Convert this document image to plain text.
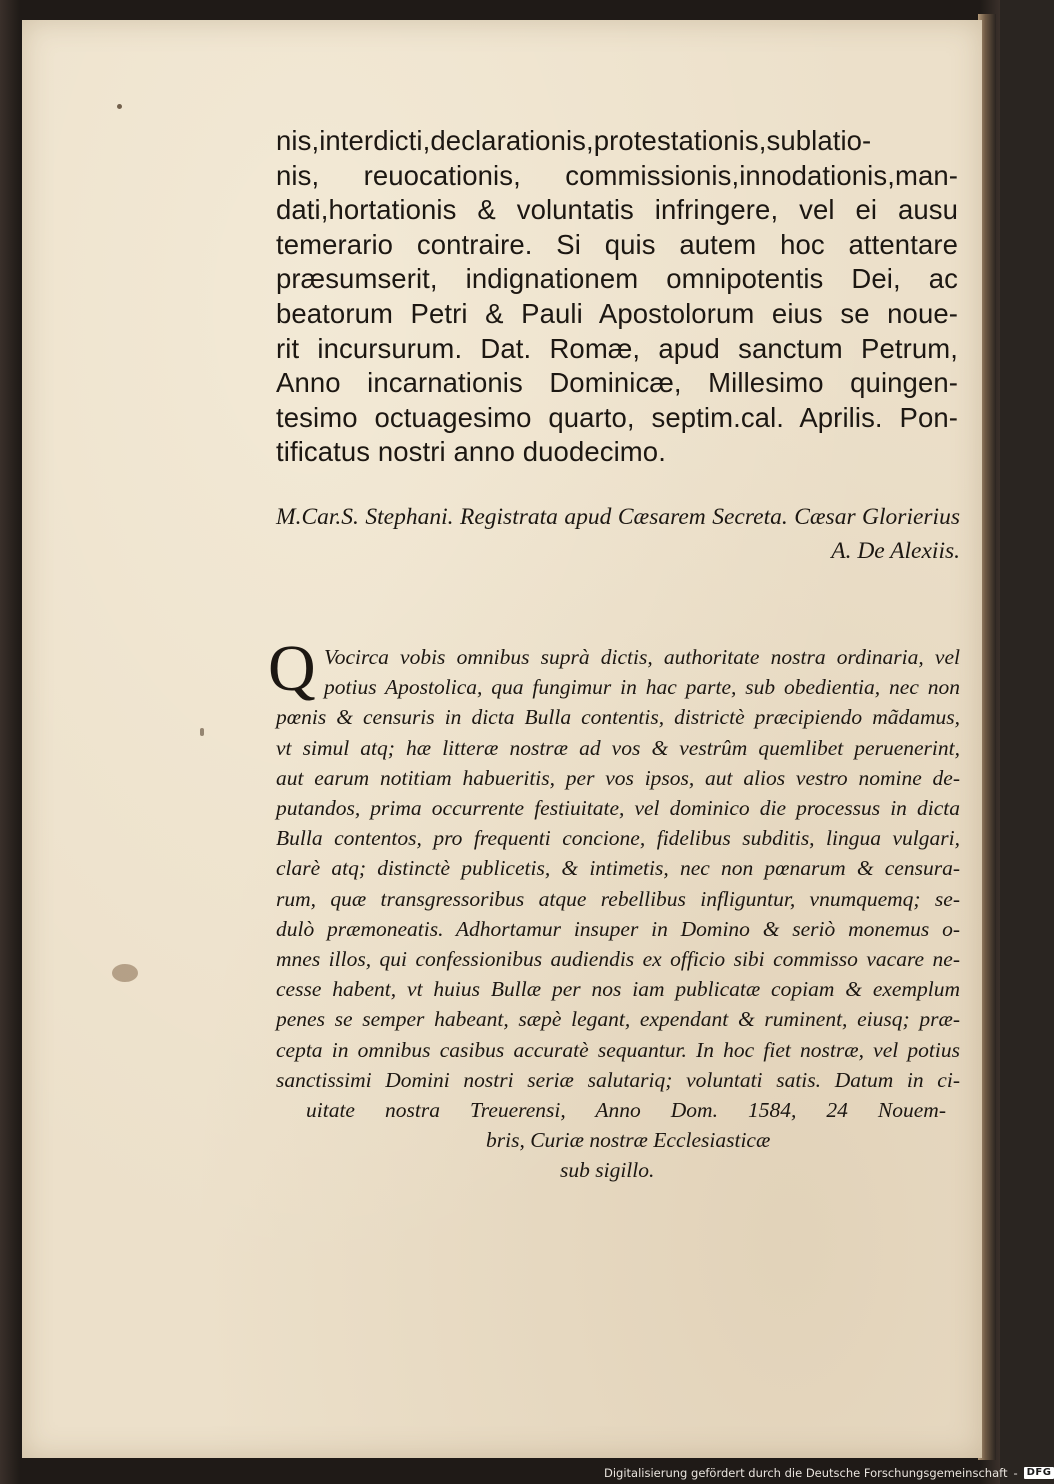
nis,interdicti,declarationis,protestationis,sublatio-
nis, reuocationis, commissionis,innodationis,man-
dati,hortationis & voluntatis infringere, vel ei ausu
temerario contraire. Si quis autem hoc attentare
præsumserit, indignationem omnipotentis Dei, ac
beatorum Petri & Pauli Apostolorum eius se noue-
rit incursurum. Dat. Romæ, apud sanctum Petrum,
Anno incarnationis Dominicæ, Millesimo quingen-
tesimo octuagesimo quarto, septim.cal. Aprilis. Pon-
tificatus nostri anno duodecimo.
M.Car.S. Stephani. Registrata apud Cæsarem Secreta. Cæsar Glorierius
A. De Alexiis.
Q Vocirca vobis omnibus suprà dictis, authoritate nostra ordinaria, vel
potius Apostolica, qua fungimur in hac parte, sub obedientia, nec non
pœnis & censuris in dicta Bulla contentis, districtè præcipiendo mãdamus,
vt simul atq; hæ litteræ nostræ ad vos & vestrûm quemlibet peruenerint,
aut earum notitiam habueritis, per vos ipsos, aut alios vestro nomine de-
putandos, prima occurrente festiuitate, vel dominico die processus in dicta
Bulla contentos, pro frequenti concione, fidelibus subditis, lingua vulgari,
clarè atq; distinctè publicetis, & intimetis, nec non pœnarum & censura-
rum, quæ transgressoribus atque rebellibus infliguntur, vnumquemq; se-
dulò præmoneatis. Adhortamur insuper in Domino & seriò monemus o-
mnes illos, qui confessionibus audiendis ex officio sibi commisso vacare ne-
cesse habent, vt huius Bullæ per nos iam publicatæ copiam & exemplum
penes se semper habeant, sæpè legant, expendant & ruminent, eiusq; præ-
cepta in omnibus casibus accuratè sequantur. In hoc fiet nostræ, vel potius
sanctissimi Domini nostri seriæ salutariq; voluntati satis. Datum in ci-
uitate nostra Treuerensi, Anno Dom. 1584, 24 Nouem-
bris, Curiæ nostræ Ecclesiasticæ
sub sigillo.
Digitalisierung gefördert durch die Deutsche Forschungsgemeinschaft - DFG
